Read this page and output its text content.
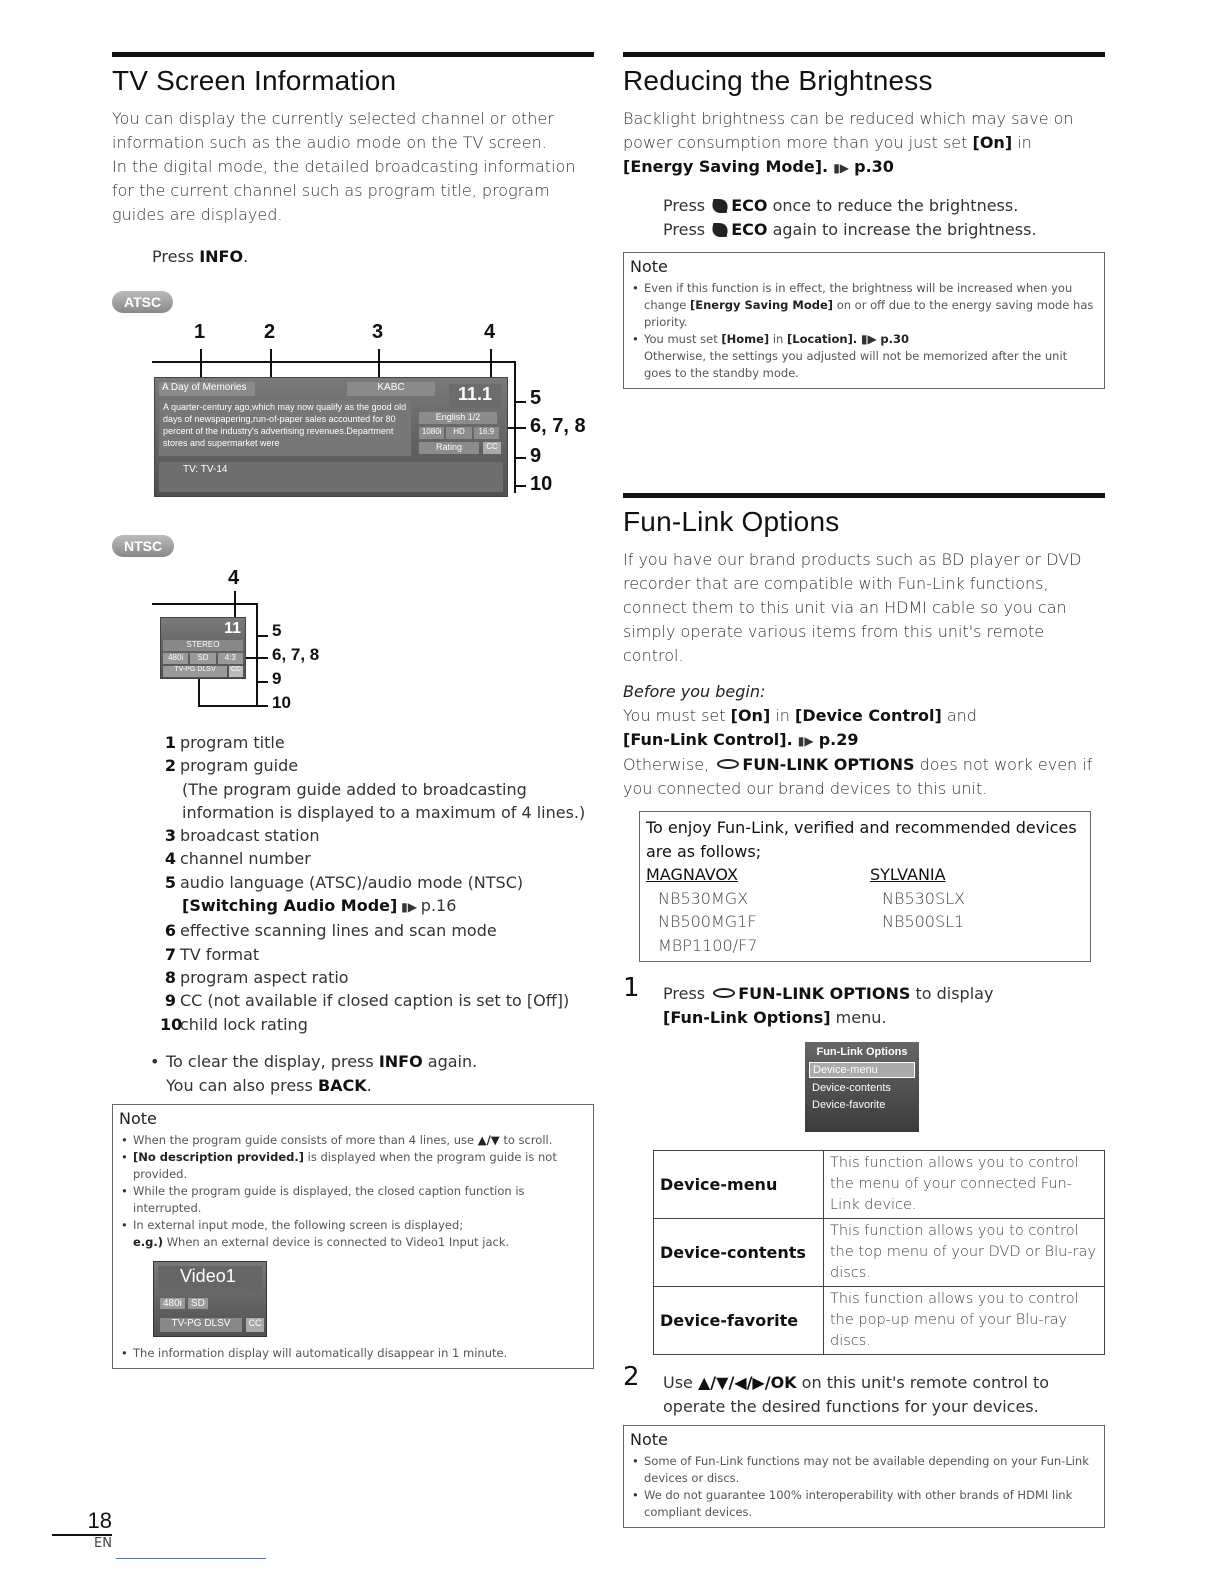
TV Screen Information
You can display the currently selected channel or other information such as the audio mode on the TV screen.
In the digital mode, the detailed broadcasting information for the current channel such as program title, program guides are displayed.
Press INFO.
ATSC
1	2	3	4
A Day of Memories	KABC	11.1
A quarter-century ago,which may now qualify as the good old days of newspapering,run-of-paper sales accounted for 80 percent of the industry's advertising revenues.Department stores and supermarket were
English 1/2
1080i	HD	16:9
Rating	CC
TV: TV-14
5
6, 7, 8
9
10
NTSC
4
11
STEREO
480i	SD	4:3
TV-PG DLSV	CC
5
6, 7, 8
9
10
1 program title
2 program guide
(The program guide added to broadcasting
information is displayed to a maximum of 4 lines.)
3 broadcast station
4 channel number
5 audio language (ATSC)/audio mode (NTSC)
[Switching Audio Mode] ▮▶ p.16
6 effective scanning lines and scan mode
7 TV format
8 program aspect ratio
9 CC (not available if closed caption is set to [Off])
10child lock rating
• To clear the display, press INFO again.
You can also press BACK.
Note
• When the program guide consists of more than 4 lines, use ▲/▼ to scroll.
• [No description provided.] is displayed when the program guide is not provided.
• While the program guide is displayed, the closed caption function is interrupted.
• In external input mode, the following screen is displayed;
e.g.) When an external device is connected to Video1 Input jack.
Video1
480i SD
TV-PG DLSV	CC
• The information display will automatically disappear in 1 minute.
Reducing the Brightness
Backlight brightness can be reduced which may save on power consumption more than you just set [On] in [Energy Saving Mode]. ▮▶ p.30
Press ECO once to reduce the brightness.
Press ECO again to increase the brightness.
Note
• Even if this function is in effect, the brightness will be increased when you change [Energy Saving Mode] on or off due to the energy saving mode has priority.
• You must set [Home] in [Location]. ▮▶ p.30
Otherwise, the settings you adjusted will not be memorized after the unit goes to the standby mode.
Fun-Link Options
If you have our brand products such as BD player or DVD recorder that are compatible with Fun-Link functions, connect them to this unit via an HDMI cable so you can simply operate various items from this unit's remote control.
Before you begin:
You must set [On] in [Device Control] and
[Fun-Link Control]. ▮▶ p.29
Otherwise, FUN-LINK OPTIONS does not work even if you connected our brand devices to this unit.
To enjoy Fun-Link, verified and recommended devices are as follows;
MAGNAVOX
NB530MGX
NB500MG1F
MBP1100/F7
SYLVANIA
NB530SLX
NB500SL1
1 Press FUN-LINK OPTIONS to display
[Fun-Link Options] menu.
Fun-Link Options
Device-menu
Device-contents
Device-favorite
Device-menu	This function allows you to control the menu of your connected Fun-Link device.
Device-contents	This function allows you to control the top menu of your DVD or Blu-ray discs.
Device-favorite	This function allows you to control the pop-up menu of your Blu-ray discs.
2 Use ▲/▼/◀/▶/OK on this unit's remote control to
operate the desired functions for your devices.
Note
• Some of Fun-Link functions may not be available depending on your Fun-Link devices or discs.
• We do not guarantee 100% interoperability with other brands of HDMI link compliant devices.
18
EN
